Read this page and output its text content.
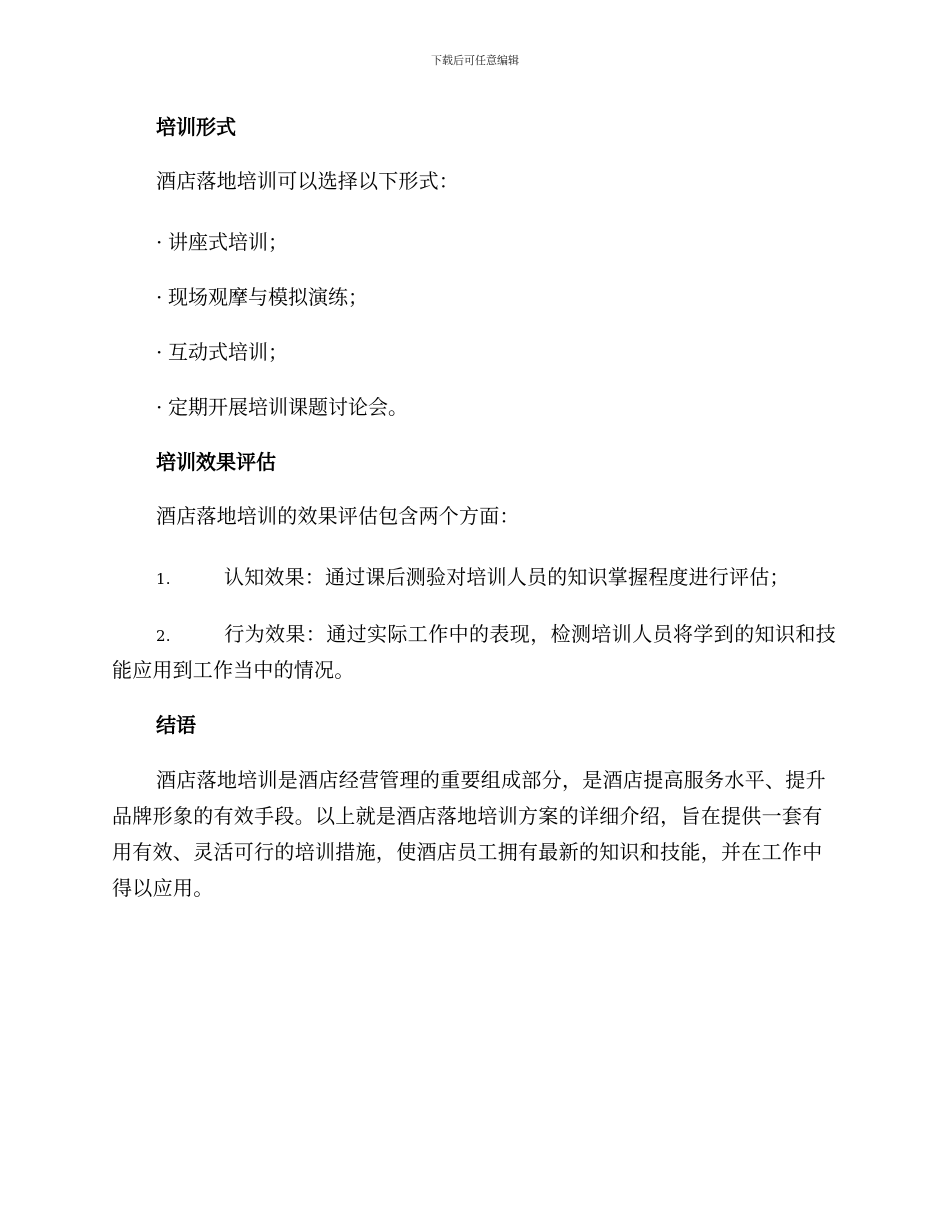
下载后可任意编辑
培训形式

酒店落地培训可以选择以下形式：

· 讲座式培训；

· 现场观摩与模拟演练；

· 互动式培训；

· 定期开展培训课题讨论会。

培训效果评估

酒店落地培训的效果评估包含两个方面：

1.	认知效果：通过课后测验对培训人员的知识掌握程度进行评估；

2.	行为效果：通过实际工作中的表现，检测培训人员将学到的知识和技能应用到工作当中的情况。

结语

酒店落地培训是酒店经营管理的重要组成部分，是酒店提高服务水平、提升品牌形象的有效手段。以上就是酒店落地培训方案的详细介绍，旨在提供一套有用有效、灵活可行的培训措施，使酒店员工拥有最新的知识和技能，并在工作中得以应用。
